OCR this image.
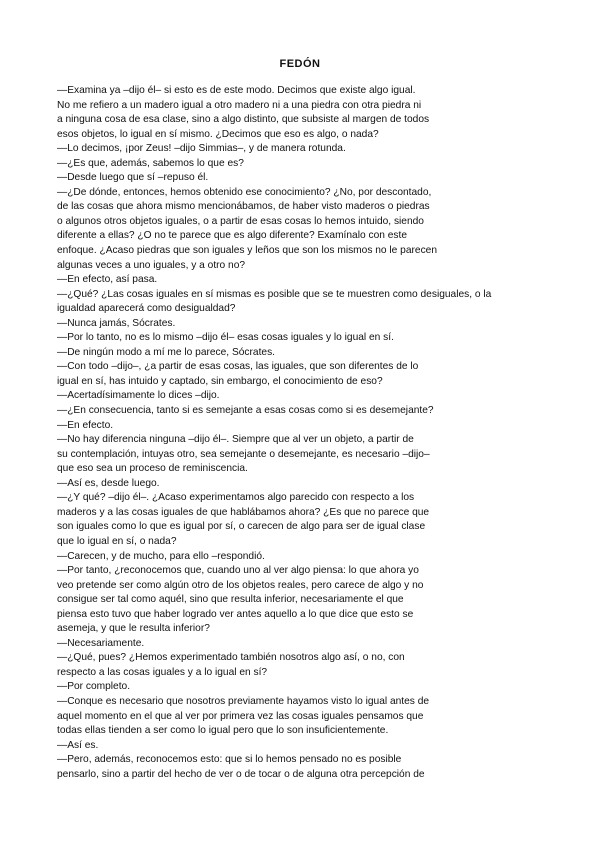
FEDÓN
—Examina ya –dijo él– si esto es de este modo. Decimos que existe algo igual.
No me refiero a un madero igual a otro madero ni a una piedra con otra piedra ni
a ninguna cosa de esa clase, sino a algo distinto, que subsiste al margen de todos
esos objetos, lo igual en sí mismo. ¿Decimos que eso es algo, o nada?
—Lo decimos, ¡por Zeus! –dijo Simmias–, y de manera rotunda.
—¿Es que, además, sabemos lo que es?
—Desde luego que sí –repuso él.
—¿De dónde, entonces, hemos obtenido ese conocimiento? ¿No, por descontado,
de las cosas que ahora mismo mencionábamos, de haber visto maderos o piedras
o algunos otros objetos iguales, o a partir de esas cosas lo hemos intuido, siendo
diferente a ellas? ¿O no te parece que es algo diferente? Examínalo con este
enfoque. ¿Acaso piedras que son iguales y leños que son los mismos no le parecen
algunas veces a uno iguales, y a otro no?
—En efecto, así pasa.
—¿Qué? ¿Las cosas iguales en sí mismas es posible que se te muestren como desiguales, o la
igualdad aparecerá como desigualdad?
—Nunca jamás, Sócrates.
—Por lo tanto, no es lo mismo –dijo él– esas cosas iguales y lo igual en sí.
—De ningún modo a mí me lo parece, Sócrates.
—Con todo –dijo–, ¿a partir de esas cosas, las iguales, que son diferentes de lo
igual en sí, has intuido y captado, sin embargo, el conocimiento de eso?
—Acertadísimamente lo dices –dijo.
—¿En consecuencia, tanto si es semejante a esas cosas como si es desemejante?
—En efecto.
—No hay diferencia ninguna –dijo él–. Siempre que al ver un objeto, a partir de
su contemplación, intuyas otro, sea semejante o desemejante, es necesario –dijo–
que eso sea un proceso de reminiscencia.
—Así es, desde luego.
—¿Y qué? –dijo él–. ¿Acaso experimentamos algo parecido con respecto a los
maderos y a las cosas iguales de que hablábamos ahora? ¿Es que no parece que
son iguales como lo que es igual por sí, o carecen de algo para ser de igual clase
que lo igual en sí, o nada?
—Carecen, y de mucho, para ello –respondió.
—Por tanto, ¿reconocemos que, cuando uno al ver algo piensa: lo que ahora yo
veo pretende ser como algún otro de los objetos reales, pero carece de algo y no
consigue ser tal como aquél, sino que resulta inferior, necesariamente el que
piensa esto tuvo que haber logrado ver antes aquello a lo que dice que esto se
asemeja, y que le resulta inferior?
—Necesariamente.
—¿Qué, pues? ¿Hemos experimentado también nosotros algo así, o no, con
respecto a las cosas iguales y a lo igual en sí?
—Por completo.
—Conque es necesario que nosotros previamente hayamos visto lo igual antes de
aquel momento en el que al ver por primera vez las cosas iguales pensamos que
todas ellas tienden a ser como lo igual pero que lo son insuficientemente.
—Así es.
—Pero, además, reconocemos esto: que si lo hemos pensado no es posible
pensarlo, sino a partir del hecho de ver o de tocar o de alguna otra percepción de
